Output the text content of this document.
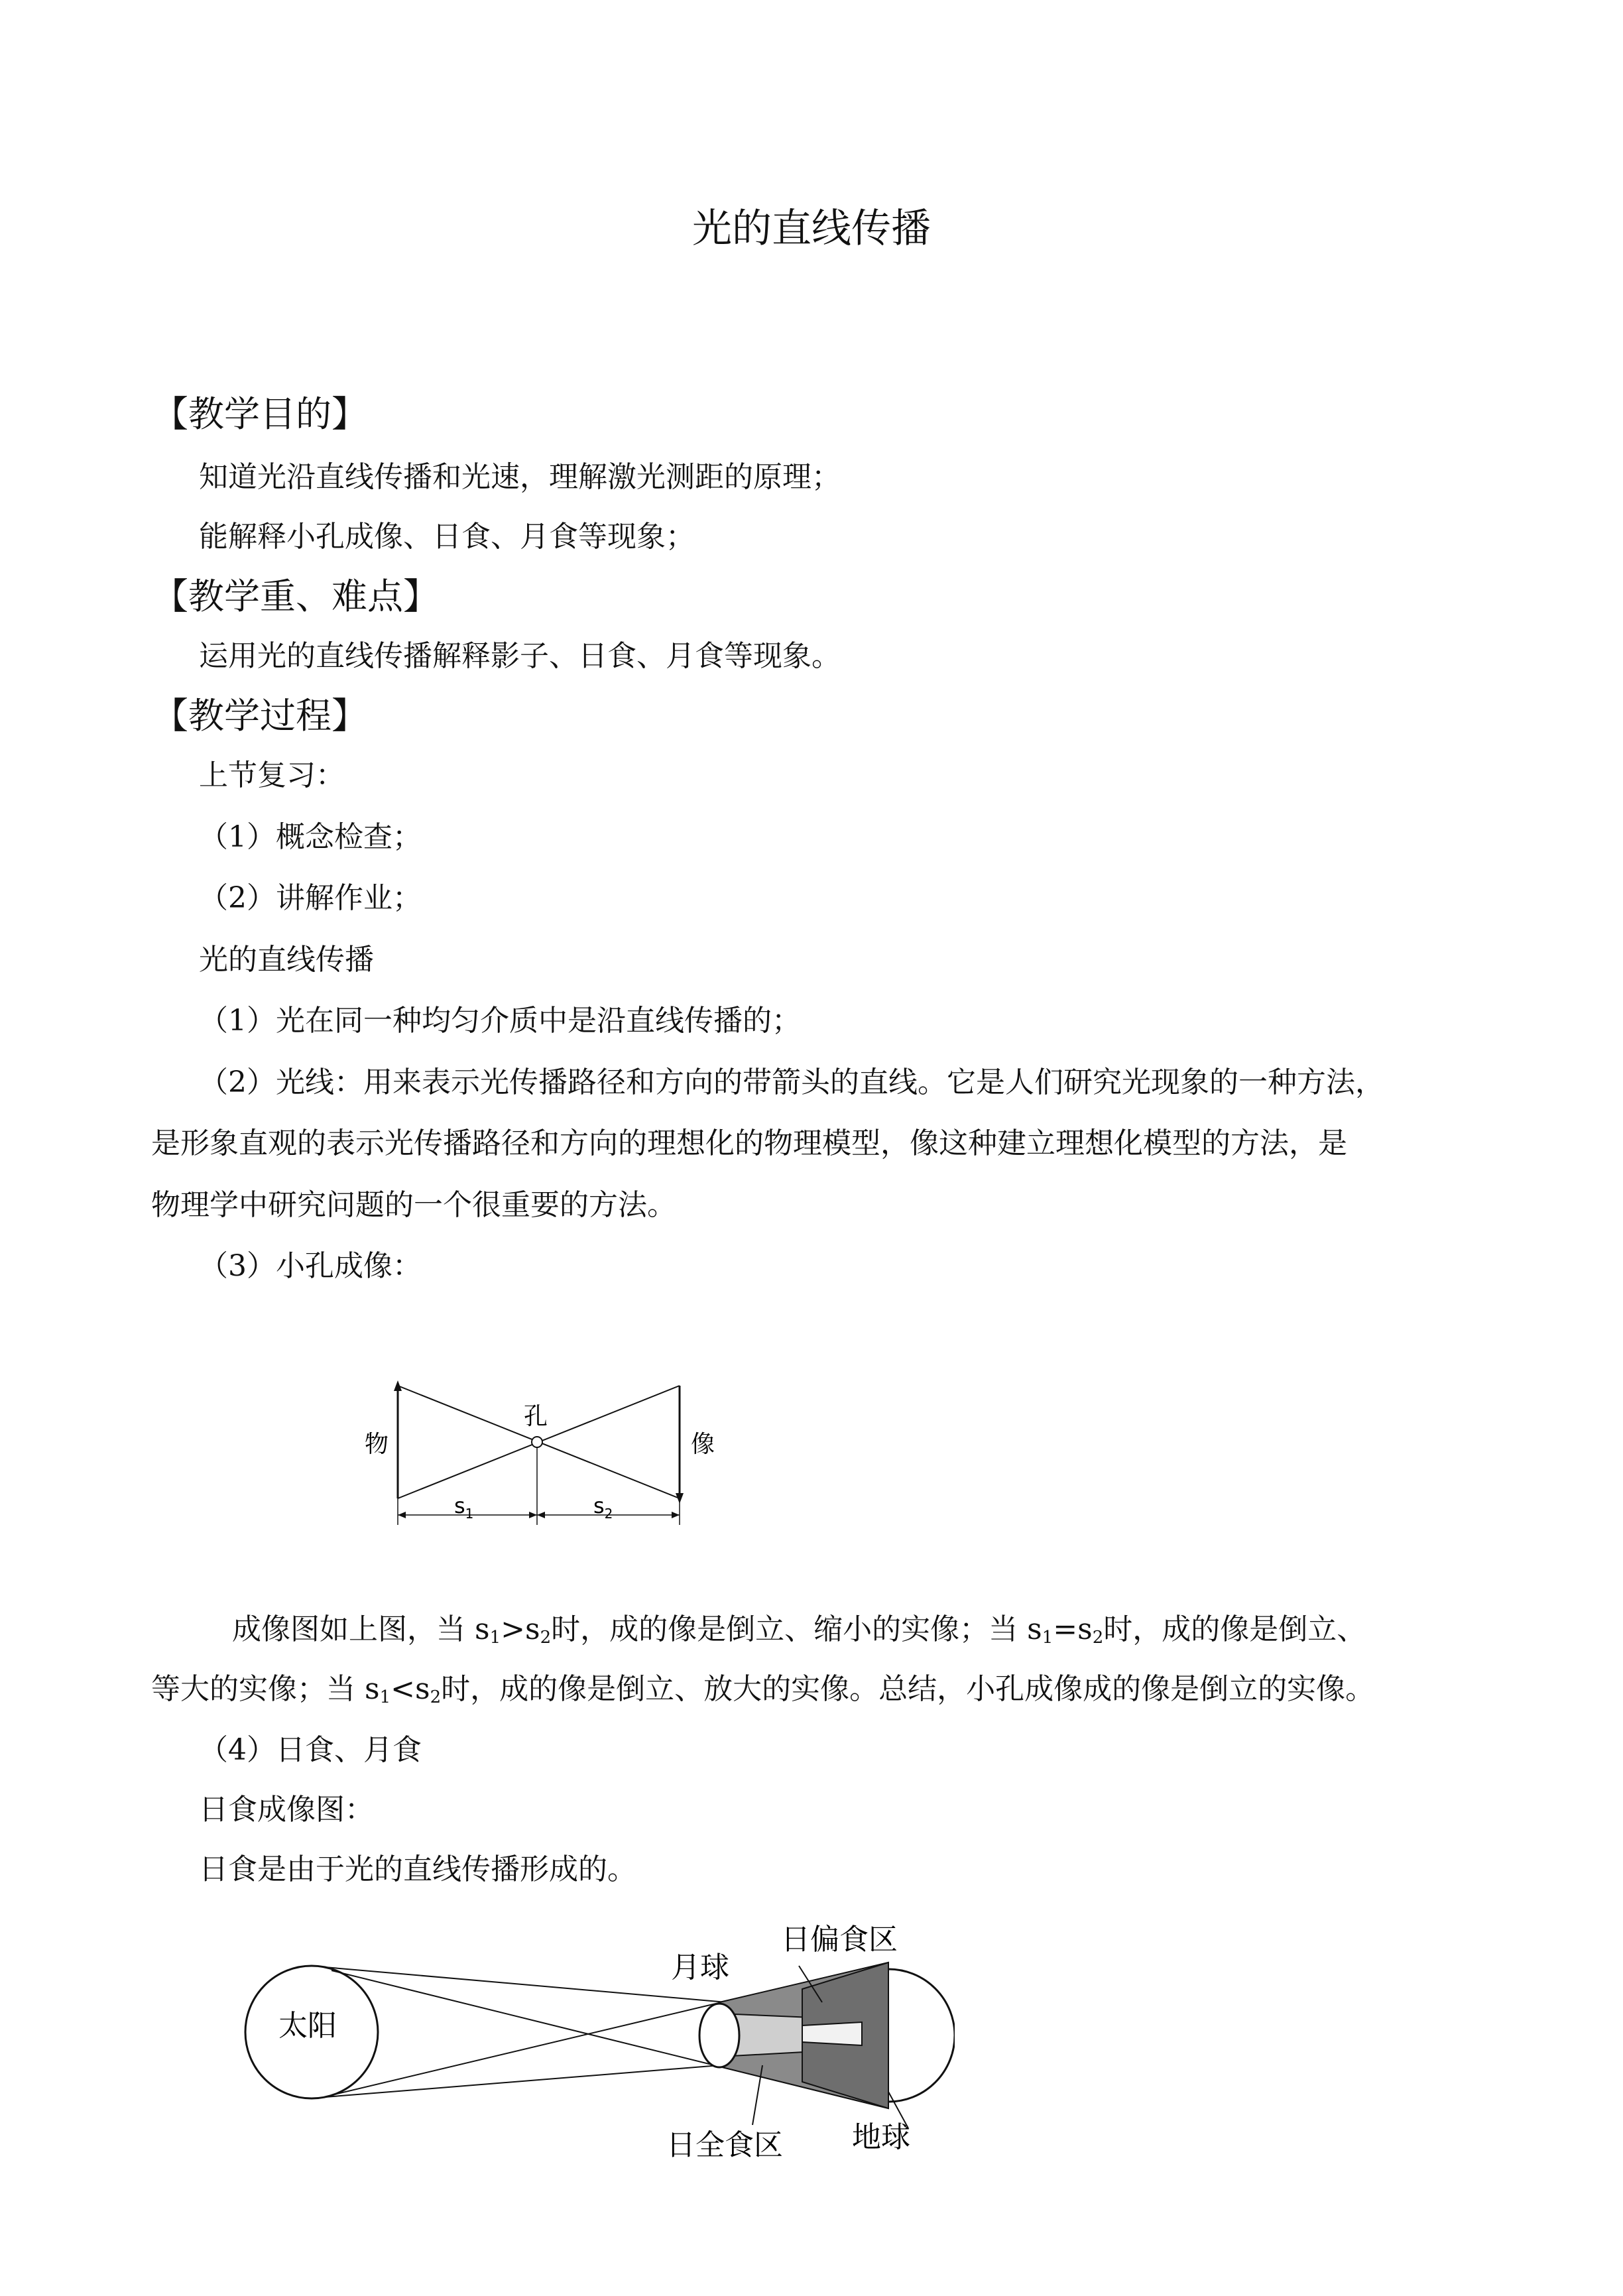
光的直线传播
【教学目的】
知道光沿直线传播和光速，理解激光测距的原理；
能解释小孔成像、日食、月食等现象；
【教学重、难点】
运用光的直线传播解释影子、日食、月食等现象。
【教学过程】
上节复习：
（1）概念检查；
（2）讲解作业；
光的直线传播
（1）光在同一种均匀介质中是沿直线传播的；
（2）光线：用来表示光传播路径和方向的带箭头的直线。它是人们研究光现象的一种方法，
是形象直观的表示光传播路径和方向的理想化的物理模型，像这种建立理想化模型的方法，是
物理学中研究问题的一个很重要的方法。
（3）小孔成像：
物
孔
像
$s_1$	$s_2$
成像图如上图，当 $s_1>s_2$时，成的像是倒立、缩小的实像；当 $s_1=s_2$时，成的像是倒立、
等大的实像；当 $s_1<s_2$时，成的像是倒立、放大的实像。总结，小孔成像成的像是倒立的实像。
（4）日食、月食
日食成像图：
日食是由于光的直线传播形成的。
太阳
月球
日偏食区
日全食区 地球
